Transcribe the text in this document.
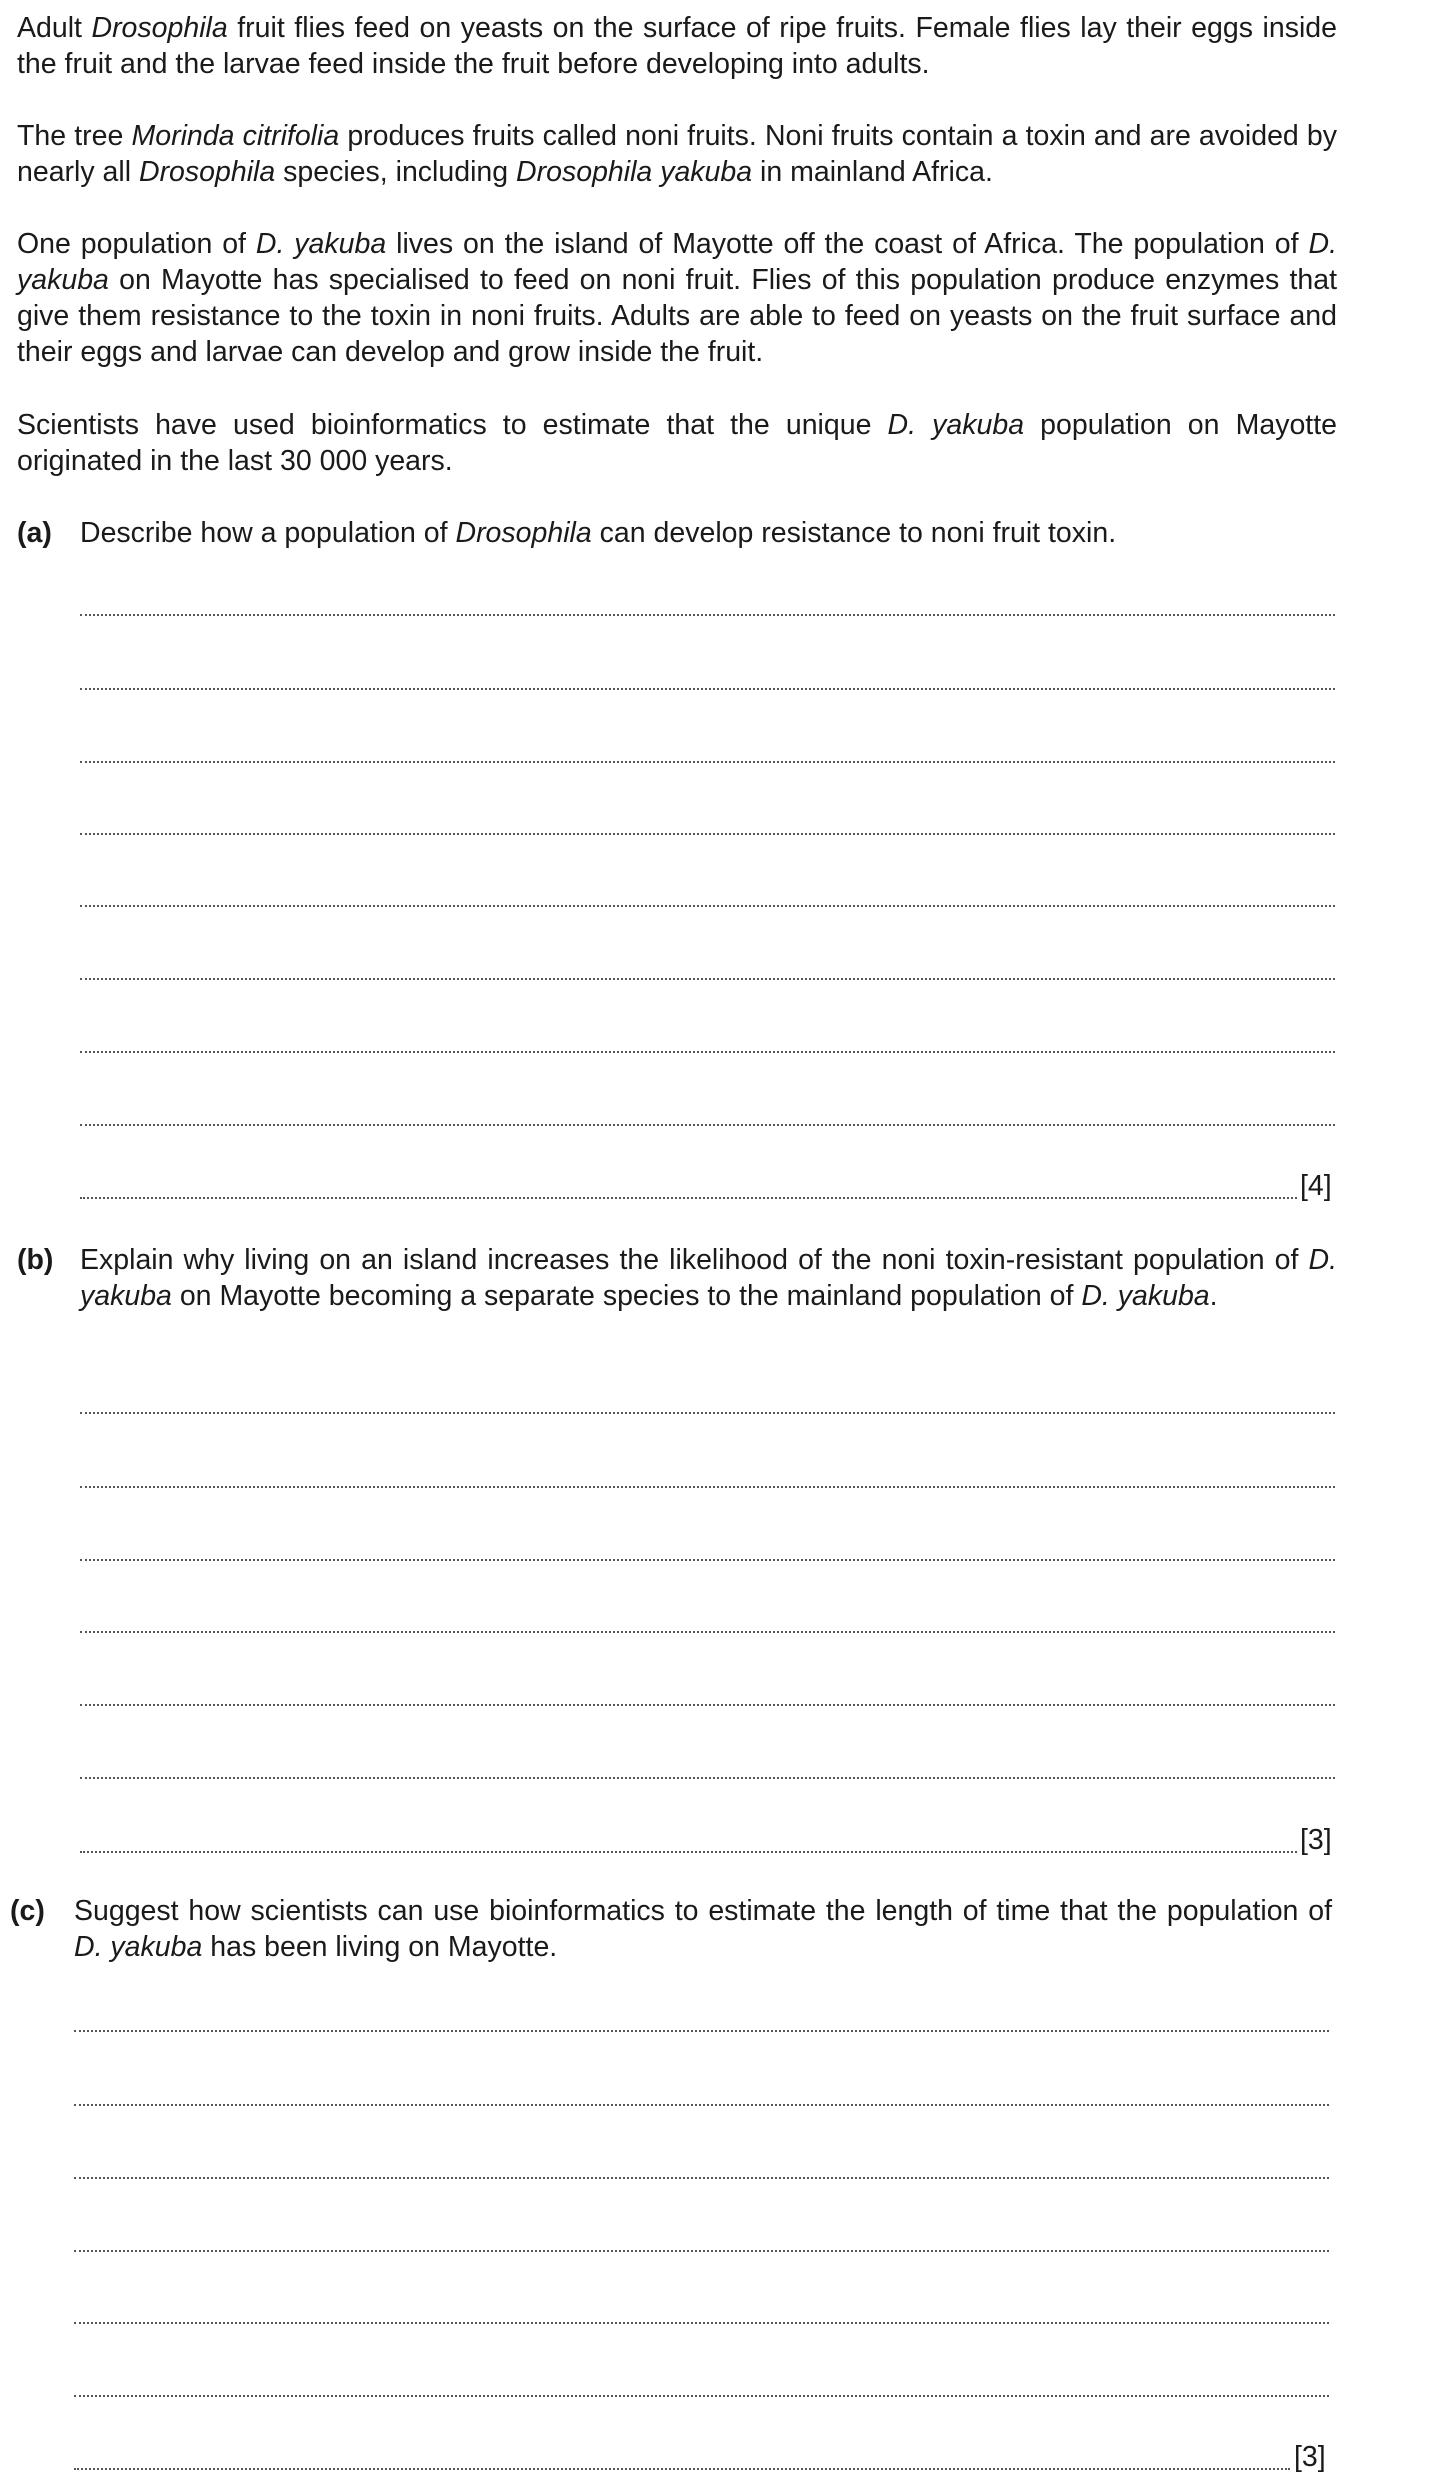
Adult Drosophila fruit flies feed on yeasts on the surface of ripe fruits. Female flies lay their eggs inside the fruit and the larvae feed inside the fruit before developing into adults.
The tree Morinda citrifolia produces fruits called noni fruits. Noni fruits contain a toxin and are avoided by nearly all Drosophila species, including Drosophila yakuba in mainland Africa.
One population of D. yakuba lives on the island of Mayotte off the coast of Africa. The population of D. yakuba on Mayotte has specialised to feed on noni fruit. Flies of this population produce enzymes that give them resistance to the toxin in noni fruits. Adults are able to feed on yeasts on the fruit surface and their eggs and larvae can develop and grow inside the fruit.
Scientists have used bioinformatics to estimate that the unique D. yakuba population on Mayotte originated in the last 30 000 years.
(a) Describe how a population of Drosophila can develop resistance to noni fruit toxin.
[4]
(b) Explain why living on an island increases the likelihood of the noni toxin-resistant population of D. yakuba on Mayotte becoming a separate species to the mainland population of D. yakuba.
[3]
(c) Suggest how scientists can use bioinformatics to estimate the length of time that the population of D. yakuba has been living on Mayotte.
[3]
